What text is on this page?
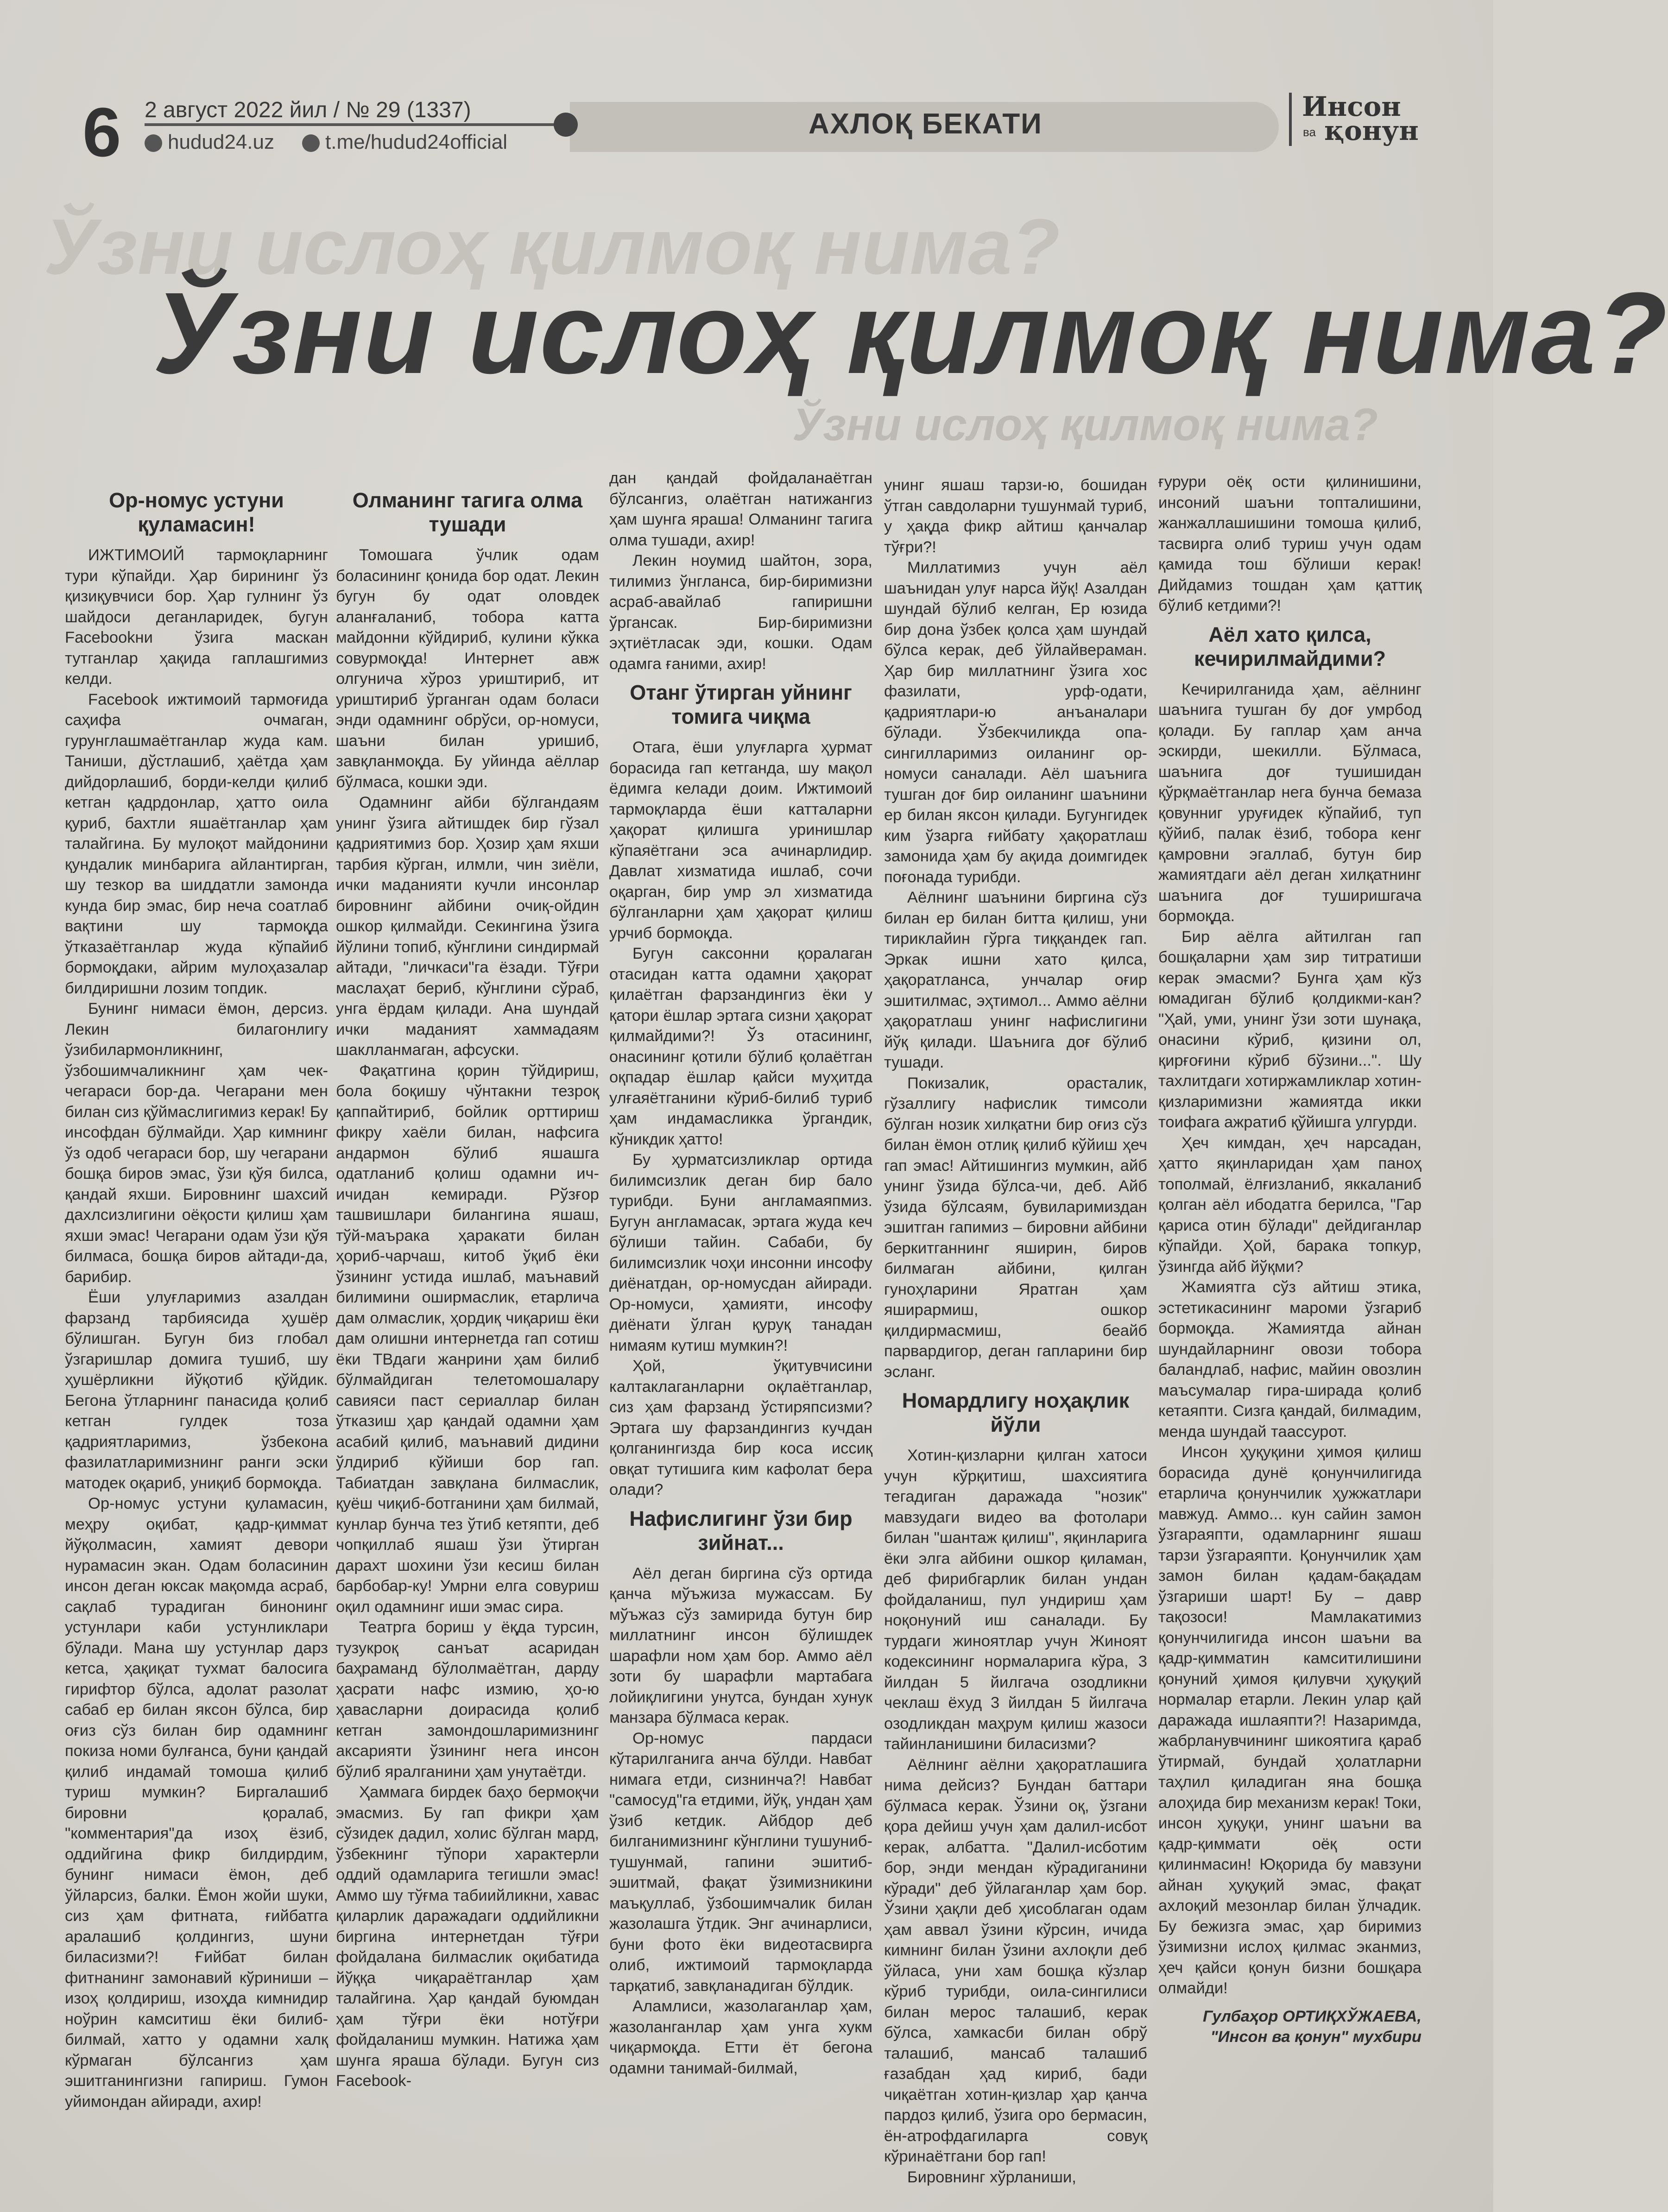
6 2 август 2022 йил / № 29 (1337)
hudud24.uz	t.me/hudud24official
АХЛОҚ БЕКАТИ
Инсон
ва қонун
Ўзни ислоҳ қилмоқ нима?
Ўзни ислоҳ қилмоқ нима?
Ўзни ислоҳ қилмоқ нима?
Ор-номус устуни қуламасин!

ИЖТИМОИЙ тармоқларнинг тури кўпайди. Ҳар бирининг ўз қизиқувчиси бор. Ҳар гулнинг ўз шайдоси деганларидек, бугун Facebookни ўзига маскан тутганлар ҳақида гаплашгимиз келди.

Facebook ижтимоий тармоғида саҳифа очмаган, гурунглашмаётганлар жуда кам. Таниши, дўстлашиб, ҳаётда ҳам дийдорлашиб, борди-келди қилиб кетган қадрдонлар, ҳатто оила қуриб, бахтли яшаётганлар ҳам талайгина. Бу мулоқот майдонини қундалик минбарига айлантирган, шу тезкор ва шиддатли замонда кунда бир эмас, бир неча соатлаб вақтини шу тармоқда ўтказаётганлар жуда кўпайиб бормоқдаки, айрим мулоҳазалар билдиришни лозим топдик.

Бунинг нимаси ёмон, дерсиз. Лекин билагонлигу ўзибилармонликнинг, ўзбошимчаликнинг ҳам чек-чегараси бор-да. Чегарани мен билан сиз қўймаслигимиз керак! Бу инсофдан бўлмайди. Ҳар кимнинг ўз одоб чегараси бор, шу чегарани бошқа биров эмас, ўзи қўя билса, қандай яхши. Бировнинг шахсий дахлсизлигини оёқости қилиш ҳам яхши эмас! Чегарани одам ўзи қўя билмаса, бошқа биров айтади-да, барибир.

Ёши улуғларимиз азалдан фарзанд тарбиясида ҳушёр бўлишган. Бугун биз глобал ўзгаришлар домига тушиб, шу ҳушёрликни йўқотиб қўйдик. Бегона ўтларнинг панасида қолиб кетган гулдек тоза қадриятларимиз, ўзбекона фазилатларимизнинг ранги эски матодек оқариб, униқиб бормоқда.

Ор-номус устуни қуламасин, меҳру оқибат, қадр-қиммат йўқолмасин, хамият девори нурамасин экан. Одам боласинин инсон деган юксак мақомда асраб, сақлаб турадиган бинонинг устунлари каби устунликлари бўлади. Мана шу устунлар дарз кетса, ҳақиқат тухмат балосига гирифтор бўлса, адолат разолат сабаб ер билан яксон бўлса, бир оғиз сўз билан бир одамнинг покиза номи булғанса, буни қандай қилиб индамай томоша қилиб туриш мумкин? Биргалашиб бировни қоралаб, "комментария"да изоҳ ёзиб, оддийгина фикр билдирдим, бунинг нимаси ёмон, деб ўйларсиз, балки. Ёмон жойи шуки, сиз ҳам фитната, ғийбатга аралашиб қолдингиз, шуни биласизми?! Ғийбат билан фитнанинг замонавий кўриниши – изоҳ қолдириш, изоҳда кимнидир ноўрин камситиш ёки билиб-билмай, хатто у одамни халқ кўрмаган бўлсангиз ҳам эшитганингизни гапириш. Гумон уйимондан айиради, ахир!

Олманинг тагига олма тушади

Томошага ўчлик одам боласининг қонида бор одат. Лекин бугун бу одат оловдек аланғаланиб, тобора катта майдонни кўйдириб, кулини кўкка совурмоқда! Интернет авж олгунича хўроз уриштириб, ит уриштириб ўрганган одам боласи энди одамнинг обрўси, ор-номуси, шаъни билан уришиб, завқланмоқда. Бу уйинда аёллар бўлмаса, кошки эди.

Одамнинг айби бўлгандаям унинг ўзига айтишдек бир гўзал қадриятимиз бор. Ҳозир ҳам яхши тарбия кўрган, илмли, чин зиёли, ички маданияти кучли инсонлар бировнинг айбини очиқ-ойдин ошкор қилмайди. Секингина ўзига йўлини топиб, кўнглини синдирмай айтади, "личкаси"га ёзади. Тўғри маслаҳат бериб, кўнглини сўраб, унга ёрдам қилади. Ана шундай ички маданият хаммадаям шаклланмаган, афсуски.

Фақатгина қорин тўйдириш, бола боқишу чўнтакни тезроқ қаппайтириб, бойлик орттириш фикру хаёли билан, нафсига андармон бўлиб яшашга одатланиб қолиш одамни ич-ичидан кемиради. Рўзғор ташвишлари билангина яшаш, тўй-маърака ҳаракати билан ҳориб-чарчаш, китоб ўқиб ёки ўзининг устида ишлаб, маънавий билимини оширмаслик, етарлича дам олмаслик, ҳордиқ чиқариш ёки дам олишни интернетда гап сотиш ёки ТВдаги жанрини ҳам билиб бўлмайдиган телетомошалару савияси паст сериаллар билан ўтказиш ҳар қандай одамни ҳам асабий қилиб, маънавий дидини ўлдириб кўйиши бор гап. Табиатдан завқлана билмаслик, қуёш чиқиб-ботганини ҳам билмай, кунлар бунча тез ўтиб кетяпти, деб чопқиллаб яшаш ўзи ўтирган дарахт шохини ўзи кесиш билан барбобар-ку! Умрни елга совуриш оқил одамнинг иши эмас сира.

Театрга бориш у ёқда турсин, тузукроқ санъат асаридан баҳраманд бўлолмаётган, дарду ҳасрати нафс измию, ҳо-ю ҳавасларни доирасида қолиб кетган замондошларимизнинг аксарияти ўзининг нега инсон бўлиб яралганини ҳам унутаётди.

Ҳаммага бирдек баҳо бермоқчи эмасмиз. Бу гап фикри ҳам сўзидек дадил, холис бўлган мард, ўзбекнинг тўпори характерли оддий одамларига тегишли эмас! Аммо шу тўғма табиийликни, хавас қиларлик даражадаги оддийликни биргина интернетдан тўғри фойдалана билмаслик оқибатида йўққа чиқараётганлар ҳам талайгина. Ҳар қандай буюмдан ҳам тўғри ёки нотўғри фойдаланиш мумкин. Натижа ҳам шунга яраша бўлади. Бугун сиз Facebook-

дан қандай фойдаланаётган бўлсангиз, олаётган натижангиз ҳам шунга яраша! Олманинг тагига олма тушади, ахир!

Лекин ноумид шайтон, зора, тилимиз ўнгланса, бир-биримизни асраб-авайлаб гапиришни ўргансак. Бир-биримизни эҳтиётласак эди, кошки. Одам одамга ғаними, ахир!

Отанг ўтирган уйнинг томига чиқма

Отага, ёши улуғларга ҳурмат борасида гап кетганда, шу мақол ёдимга келади доим. Ижтимоий тармоқларда ёши катталарни ҳақорат қилишга уринишлар кўпаяётгани эса ачинарлидир. Давлат хизматида ишлаб, сочи оқарган, бир умр эл хизматида бўлганларни ҳам ҳақорат қилиш урчиб бормоқда.

Бугун саксонни қоралаган отасидан катта одамни ҳақорат қилаётган фарзандингиз ёки у қатори ёшлар эртага сизни ҳақорат қилмайдими?! Ўз отасининг, онасининг қотили бўлиб қолаётган оқпадар ёшлар қайси муҳитда улғаяётганини кўриб-билиб туриб ҳам индамасликка ўргандик, кўникдик ҳатто!

Бу ҳурматсизликлар ортида билимсизлик деган бир бало турибди. Буни англамаяпмиз. Бугун англамасак, эртага жуда кеч бўлиши тайин. Сабаби, бу билимсизлик чоҳи инсонни инсофу диёнатдан, ор-номусдан айиради. Ор-номуси, ҳамияти, инсофу диёнати ўлган қуруқ танадан нимаям кутиш мумкин?!

Ҳой, ўқитувчисини калтаклаганларни оқлаётганлар, сиз ҳам фарзанд ўстиряпсизми? Эртага шу фарзандингиз кучдан қолганингизда бир коса иссиқ овқат тутишига ким кафолат бера олади?

Нафислигинг ўзи бир зийнат...

Аёл деган биргина сўз ортида қанча мўъжиза мужассам. Бу мўъжаз сўз замирида бутун бир миллатнинг инсон бўлишдек шарафли ном ҳам бор. Аммо аёл зоти бу шарафли мартабага лойиқлигини унутса, бундан хунук манзара бўлмаса керак.

Ор-номус пардаси кўтарилганига анча бўлди. Навбат нимага етди, сизнинчa?! Навбат "самосуд"га етдими, йўқ, ундан ҳам ўзиб кетдик. Айбдор деб билганимизнинг кўнглини тушуниб-тушунмай, гапини эшитиб-эшитмай, фақат ўзимизникини маъқуллаб, ўзбошимчалик билан жазолашга ўтдик. Энг ачинарлиси, буни фото ёки видеотасвирга олиб, ижтимоий тармоқларда тарқатиб, завқланадиган бўлдик.

Аламлиси, жазолаганлар ҳам, жазоланганлар ҳам унга хукм чиқармоқда. Етти ёт бегона одамни танимай-билмай,

унинг яшаш тарзи-ю, бошидан ўтган савдоларни тушунмай туриб, у ҳақда фикр айтиш қанчалар тўғри?!

Миллатимиз учун аёл шаънидан улуғ нарса йўқ! Азалдан шундай бўлиб келган, Ер юзида бир дона ўзбек қолса ҳам шундай бўлса керак, деб ўйлайвераман. Ҳар бир миллатнинг ўзига хос фазилати, урф-одати, қадриятлари-ю анъаналари бўлади. Ўзбекчиликда опа-сингилларимиз оиланинг ор-номуси саналади. Аёл шаънига тушган доғ бир оиланинг шаънини ер билан яксон қилади. Бугунгидек ким ўзарга ғийбату ҳақоратлаш замонида ҳам бу ақида доимгидек поғонада турибди.

Аёлнинг шаънини биргина сўз билан ер билан битта қилиш, уни тириклайин гўрга тиққандек гап. Эркак ишни хато қилса, ҳақоратланса, унчалар оғир эшитилмас, эҳтимол... Аммо аёлни ҳақоратлаш унинг нафислигини йўқ қилади. Шаънига доғ бўлиб тушади.

Покизалик, орасталик, гўзаллигу нафислик тимсоли бўлган нозик хилқатни бир оғиз сўз билан ёмон отлиқ қилиб кўйиш ҳеч гап эмас! Айтишингиз мумкин, айб унинг ўзида бўлса-чи, деб. Айб ўзида бўлсаям, бувиларимиздан эшитган гапимиз – бировни айбини беркитганнинг яширин, биров билмаган айбини, қилган гуноҳларини Яратган ҳам яширармиш, ошкор қилдирмасмиш, беайб парвардигор, деган гапларини бир эсланг.

Номардлигу ноҳақлик йўли

Хотин-қизларни қилган хатоси учун кўрқитиш, шахсиятига тегадиган даражада "нозик" мавзудаги видео ва фотолари билан "шантаж қилиш", яқинларига ёки элга айбини ошкор қиламан, деб фирибгарлик билан ундан фойдаланиш, пул ундириш ҳам ноқонуний иш саналади. Бу турдаги жиноятлар учун Жиноят кодексининг нормаларига кўра, 3 йилдан 5 йилгача озодликни чеклаш ёхуд 3 йилдан 5 йилгача озодликдан маҳрум қилиш жазоси тайинланишини биласизми?

Аёлнинг аёлни ҳақоратлашига нима дейсиз? Бундан баттари бўлмаса керак. Ўзини оқ, ўзгани қора дейиш учун ҳам далил-исбот керак, албатта. "Далил-исботим бор, энди мендан кўрадиганини кўради" деб ўйлаганлар ҳам бор. Ўзини ҳақли деб ҳисоблаган одам ҳам аввал ўзини кўрсин, ичида кимнинг билан ўзини ахлоқли деб ўйласа, уни хам бошқа кўзлар кўриб турибди, оила-сингилиси билан мерос талашиб, керак бўлса, хамкасби билан обрў талашиб, мансаб талашиб ғазабдан ҳад кириб, бади чиқаётган хотин-қизлар ҳар қанча пардоз қилиб, ўзига оро бермасин, ён-атрофдагиларга совуқ кўринаётгани бор гап!

Бировнинг хўрланиши,

ғурури оёқ ости қилинишини, инсоний шаъни топталишини, жанжаллашишини томоша қилиб, тасвирга олиб туриш учун одам қамида тош бўлиши керак! Дийдамиз тошдан ҳам қаттиқ бўлиб кетдими?!

Аёл хато қилса, кечирилмайдими?

Кечирилганида ҳам, аёлнинг шаънига тушган бу доғ умрбод қолади. Бу гаплар ҳам анча эскирди, шекилли. Бўлмаса, шаънига доғ тушишидан қўрқмаётганлар нега бунча бемаза қовунниг уруғидек кўпайиб, туп қўйиб, палак ёзиб, тобора кенг қамровни эгаллаб, бутун бир жамиятдаги аёл деган хилқатнинг шаънига доғ туширишгача бормоқда.

Бир аёлга айтилган гап бошқаларни ҳам зир титратиши керак эмасми? Бунга ҳам кўз юмадиган бўлиб қолдикми-кан? "Ҳай, уми, унинг ўзи зоти шунақа, онасини кўриб, қизини ол, қирғоғини кўриб бўзини...". Шу тахлитдаги хотиржамликлар хотин-қизларимизни жамиятда икки тоифага ажратиб қўйишга улгурди.

Ҳеч кимдан, ҳеч нарсадан, ҳатто яқинларидан ҳам паноҳ тополмай, ёлғизланиб, яккаланиб қолган аёл ибодатга берилса, "Гар қариса отин бўлади" дейдиганлар кўпайди. Ҳой, барака топкур, ўзингда айб йўқми?

Жамиятга сўз айтиш этика, эстетикасининг мароми ўзгариб бормоқда. Жамиятда айнан шундайларнинг овози тобора баландлаб, нафис, майин овозлин маъсумалар гира-ширада қолиб кетаяпти. Сизга қандай, билмадим, менда шундай таассурот.

Инсон ҳуқуқини ҳимоя қилиш борасида дунё қонунчилигида етарлича қонунчилик ҳужжатлари мавжуд. Аммо... кун сайин замон ўзгараяпти, одамларнинг яшаш тарзи ўзгараяпти. Қонунчилик ҳам замон билан қадам-бақадам ўзгариши шарт! Бу – давр тақозоси! Мамлакатимиз қонунчилигида инсон шаъни ва қадр-қимматин камситилишини қонуний ҳимоя қилувчи ҳуқуқий нормалар етарли. Лекин улар қай даражада ишлаяпти?! Назаримда, жабрланувчининг шикоятига қараб ўтирмай, бундай ҳолатларни таҳлил қиладиган яна бошқа алоҳида бир механизм керак! Токи, инсон ҳуқуқи, унинг шаъни ва қадр-қиммати оёқ ости қилинмасин! Юқорида бу мавзуни айнан ҳуқуқий эмас, фақат ахлоқий мезонлар билан ўлчадик. Бу бежизга эмас, ҳар биримиз ўзимизни ислоҳ қилмас эканмиз, ҳеч қайси қонун бизни бошқара олмайди!

Гулбаҳор ОРТИҚХЎЖАЕВА,
"Инсон ва қонун" мухбири
